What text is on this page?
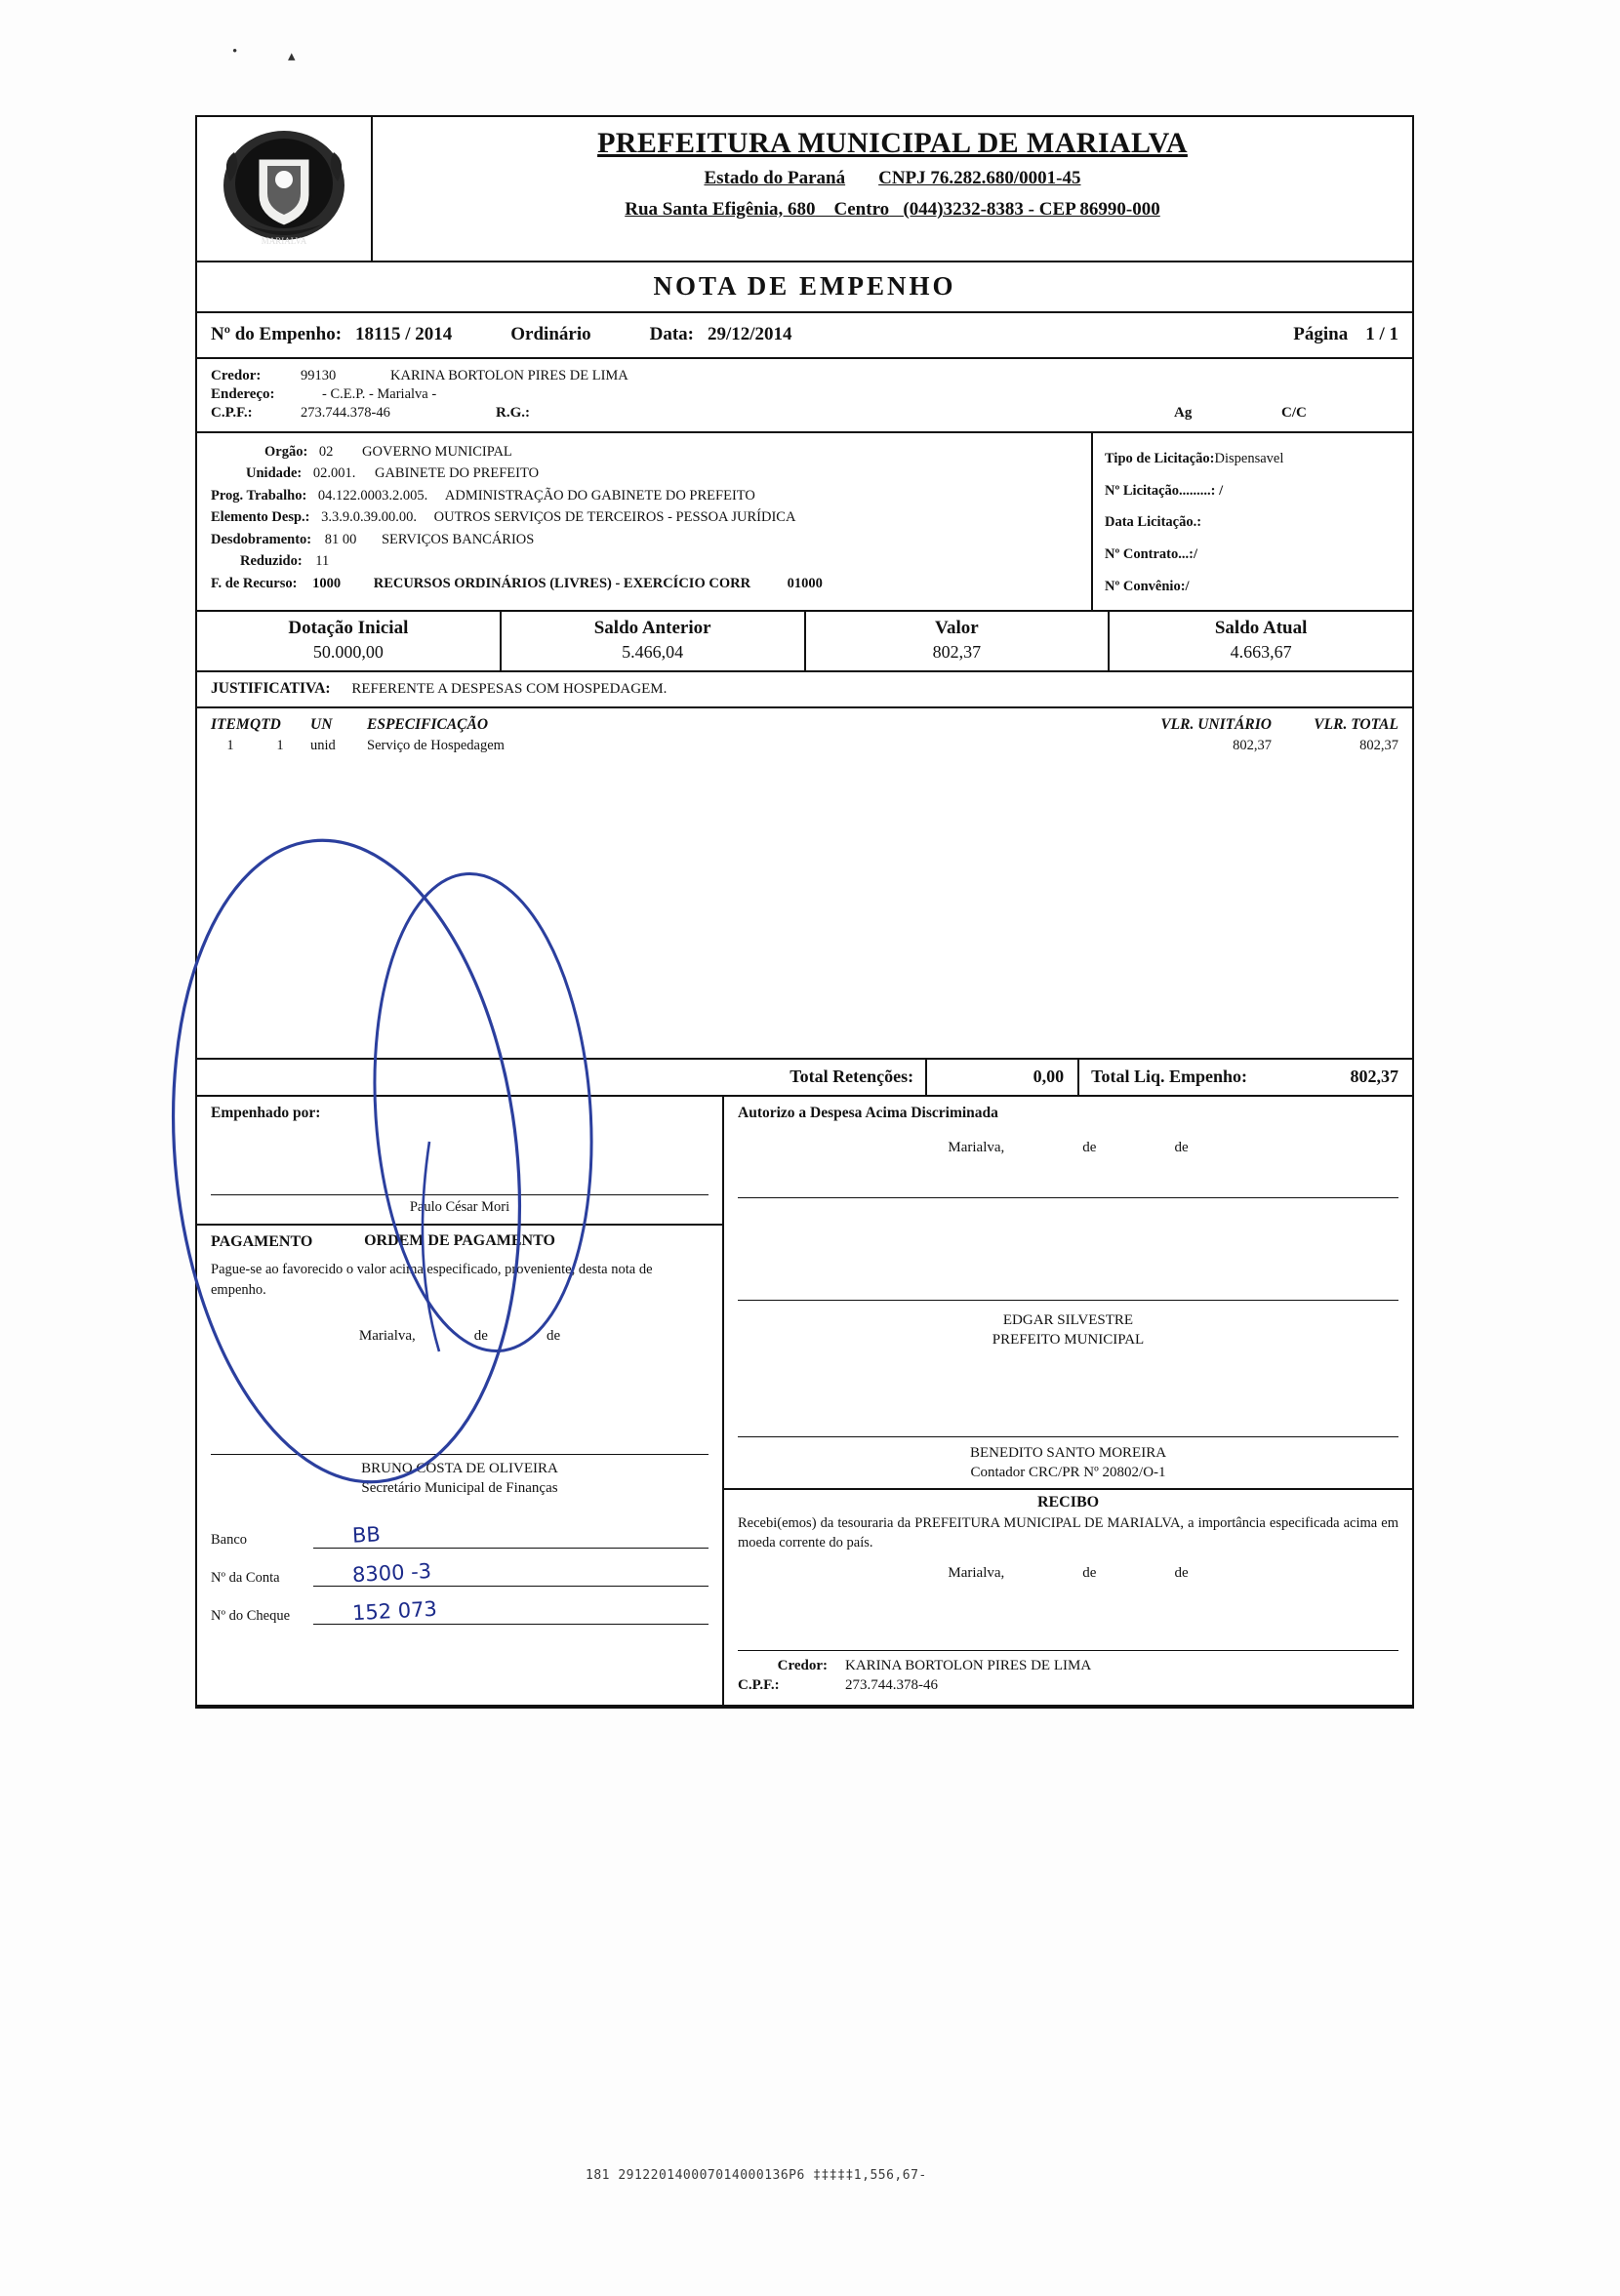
•	▴
MARIALVA
PREFEITURA MUNICIPAL DE MARIALVA
Estado do Paraná CNPJ 76.282.680/0001-45
Rua Santa Efigênia, 680 Centro (044)3232-8383 - CEP 86990-000
NOTA DE EMPENHO
Nº do Empenho: 18115 / 2014	Ordinário	Data: 29/12/2014	Página 1 / 1
Credor:	99130	KARINA BORTOLON PIRES DE LIMA
Endereço:	- C.E.P. - Marialva -
C.P.F.:	273.744.378-46	R.G.:	Ag	C/C
Orgão: 02 GOVERNO MUNICIPAL
Unidade: 02.001. GABINETE DO PREFEITO
Prog. Trabalho: 04.122.0003.2.005. ADMINISTRAÇÃO DO GABINETE DO PREFEITO
Elemento Desp.: 3.3.9.0.39.00.00. OUTROS SERVIÇOS DE TERCEIROS - PESSOA JURÍDICA
Desdobramento: 81 00 SERVIÇOS BANCÁRIOS
Reduzido: 11
F. de Recurso: 1000 RECURSOS ORDINÁRIOS (LIVRES) - EXERCÍCIO CORR	01000
Tipo de Licitação:Dispensavel
Nº Licitação.........: /
Data Licitação.:
Nº Contrato...:/
Nº Convênio:/
Dotação Inicial
50.000,00
Saldo Anterior
5.466,04
Valor
802,37
Saldo Atual
4.663,67
JUSTIFICATIVA: REFERENTE A DESPESAS COM HOSPEDAGEM.
ITEM QTD	UN	ESPECIFICAÇÃO	VLR. UNITÁRIO	VLR. TOTAL
1	1	unid	Serviço de Hospedagem	802,37	802,37
Total Retenções:	0,00	Total Liq. Empenho:	802,37
Empenhado por:
Paulo César Mori
PAGAMENTO	ORDEM DE PAGAMENTO

Pague-se ao favorecido o valor acima especificado, proveniente, desta nota de empenho.

Marialva,	de	de
BRUNO COSTA DE OLIVEIRA
Secretário Municipal de Finanças
Banco	BB
Nº da Conta	8300 -3
Nº do Cheque	152 073
Autorizo a Despesa Acima Discriminada
Marialva,	de	de
EDGAR SILVESTRE
PREFEITO MUNICIPAL
BENEDITO SANTO MOREIRA
Contador CRC/PR Nº 20802/O-1
RECIBO
Recebi(emos) da tesouraria da PREFEITURA MUNICIPAL DE MARIALVA, a importância especificada acima em moeda corrente do país.
Marialva,	de	de
Credor: KARINA BORTOLON PIRES DE LIMA
C.P.F.:	273.744.378-46
181 291220140007014000136P6 ‡‡‡‡‡1,556,67-
